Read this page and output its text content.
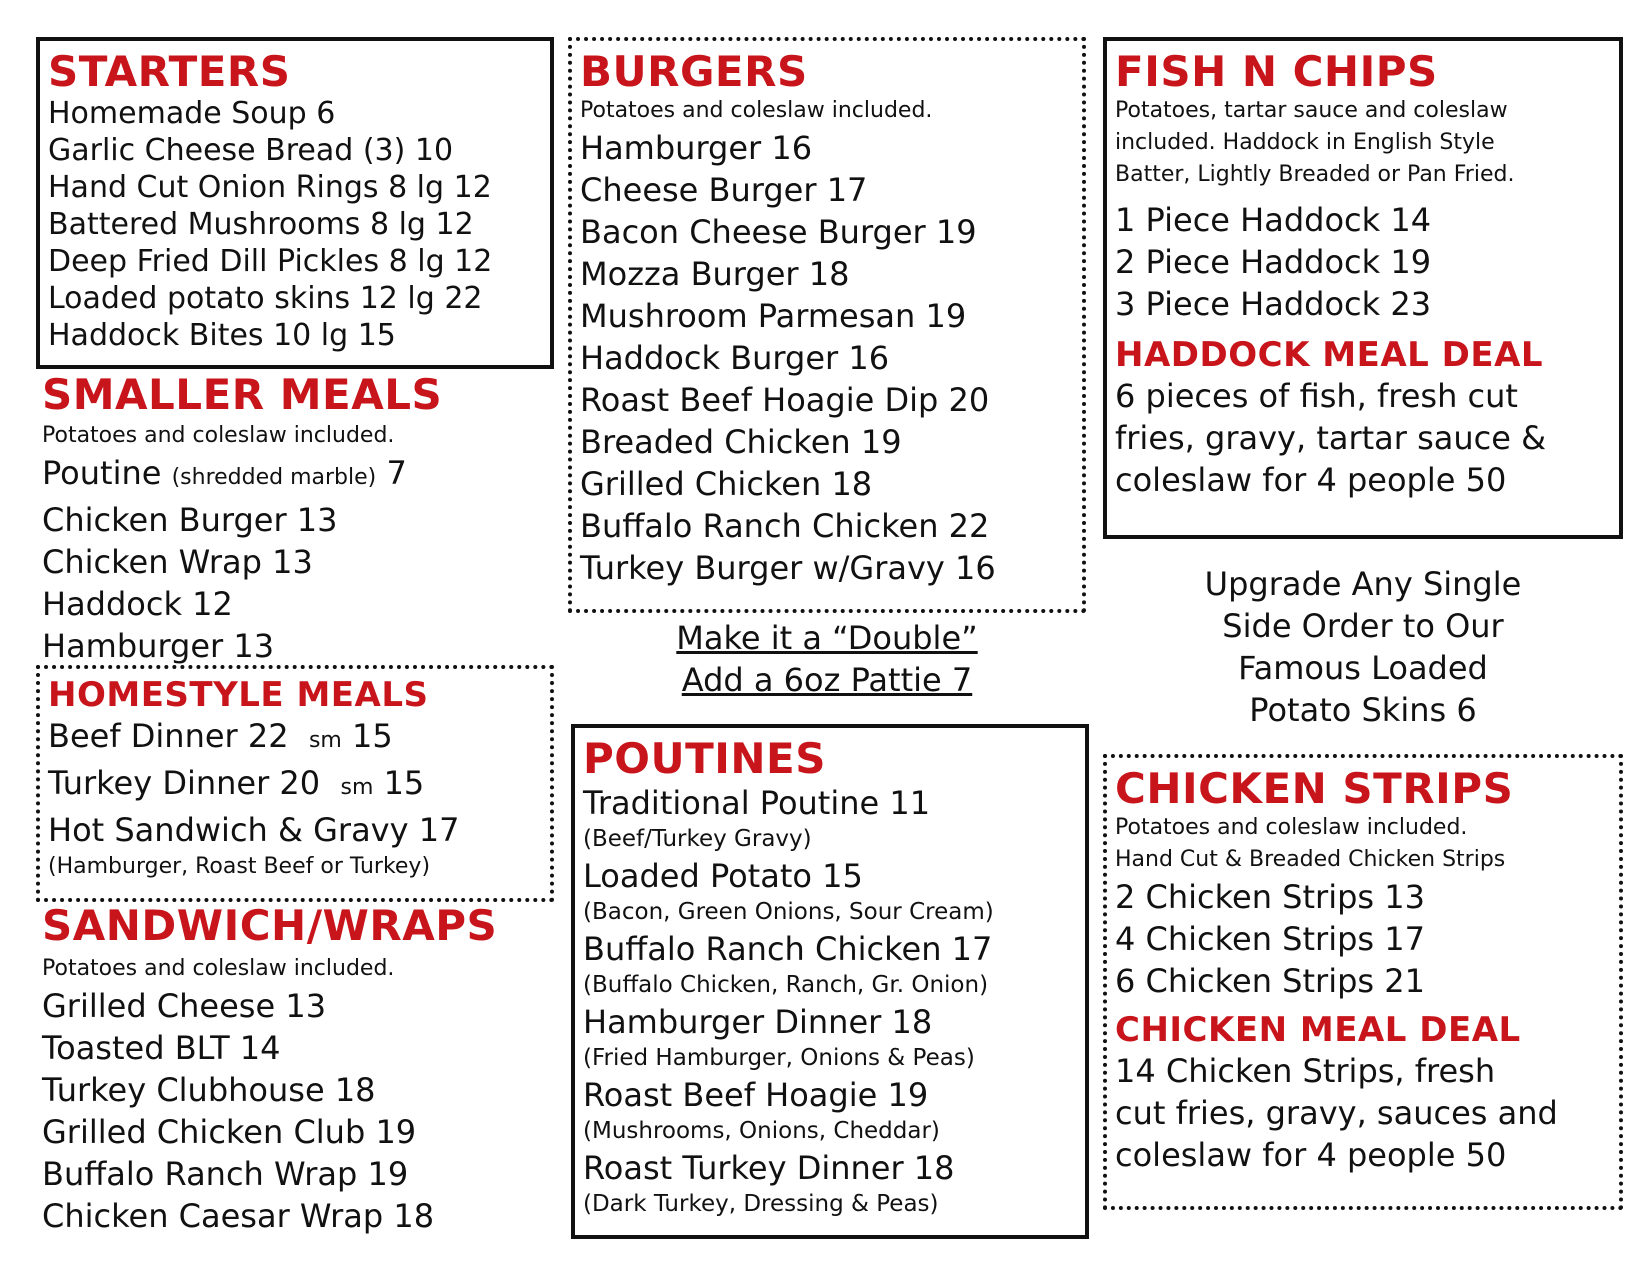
STARTERS
Homemade Soup 6
Garlic Cheese Bread (3) 10
Hand Cut Onion Rings 8 lg 12
Battered Mushrooms 8 lg 12
Deep Fried Dill Pickles 8 lg 12
Loaded potato skins 12 lg 22
Haddock Bites 10 lg 15
SMALLER MEALS
Potatoes and coleslaw included.
Poutine (shredded marble) 7
Chicken Burger 13
Chicken Wrap 13
Haddock 12
Hamburger 13
HOMESTYLE MEALS
Beef Dinner 22 sm 15
Turkey Dinner 20 sm 15
Hot Sandwich & Gravy 17
(Hamburger, Roast Beef or Turkey)
SANDWICH/WRAPS
Potatoes and coleslaw included.
Grilled Cheese 13
Toasted BLT 14
Turkey Clubhouse 18
Grilled Chicken Club 19
Buffalo Ranch Wrap 19
Chicken Caesar Wrap 18
BURGERS
Potatoes and coleslaw included.
Hamburger 16
Cheese Burger 17
Bacon Cheese Burger 19
Mozza Burger 18
Mushroom Parmesan 19
Haddock Burger 16
Roast Beef Hoagie Dip 20
Breaded Chicken 19
Grilled Chicken 18
Buffalo Ranch Chicken 22
Turkey Burger w/Gravy 16
Make it a “Double”
Add a 6oz Pattie 7
POUTINES
Traditional Poutine 11
(Beef/Turkey Gravy)
Loaded Potato 15
(Bacon, Green Onions, Sour Cream)
Buffalo Ranch Chicken 17
(Buffalo Chicken, Ranch, Gr. Onion)
Hamburger Dinner 18
(Fried Hamburger, Onions & Peas)
Roast Beef Hoagie 19
(Mushrooms, Onions, Cheddar)
Roast Turkey Dinner 18
(Dark Turkey, Dressing & Peas)
FISH N CHIPS
Potatoes, tartar sauce and coleslaw
included. Haddock in English Style
Batter, Lightly Breaded or Pan Fried.
1 Piece Haddock 14
2 Piece Haddock 19
3 Piece Haddock 23
HADDOCK MEAL DEAL
6 pieces of fish, fresh cut
fries, gravy, tartar sauce &
coleslaw for 4 people 50
Upgrade Any Single
Side Order to Our
Famous Loaded
Potato Skins 6
CHICKEN STRIPS
Potatoes and coleslaw included.
Hand Cut & Breaded Chicken Strips
2 Chicken Strips 13
4 Chicken Strips 17
6 Chicken Strips 21
CHICKEN MEAL DEAL
14 Chicken Strips, fresh
cut fries, gravy, sauces and
coleslaw for 4 people 50
